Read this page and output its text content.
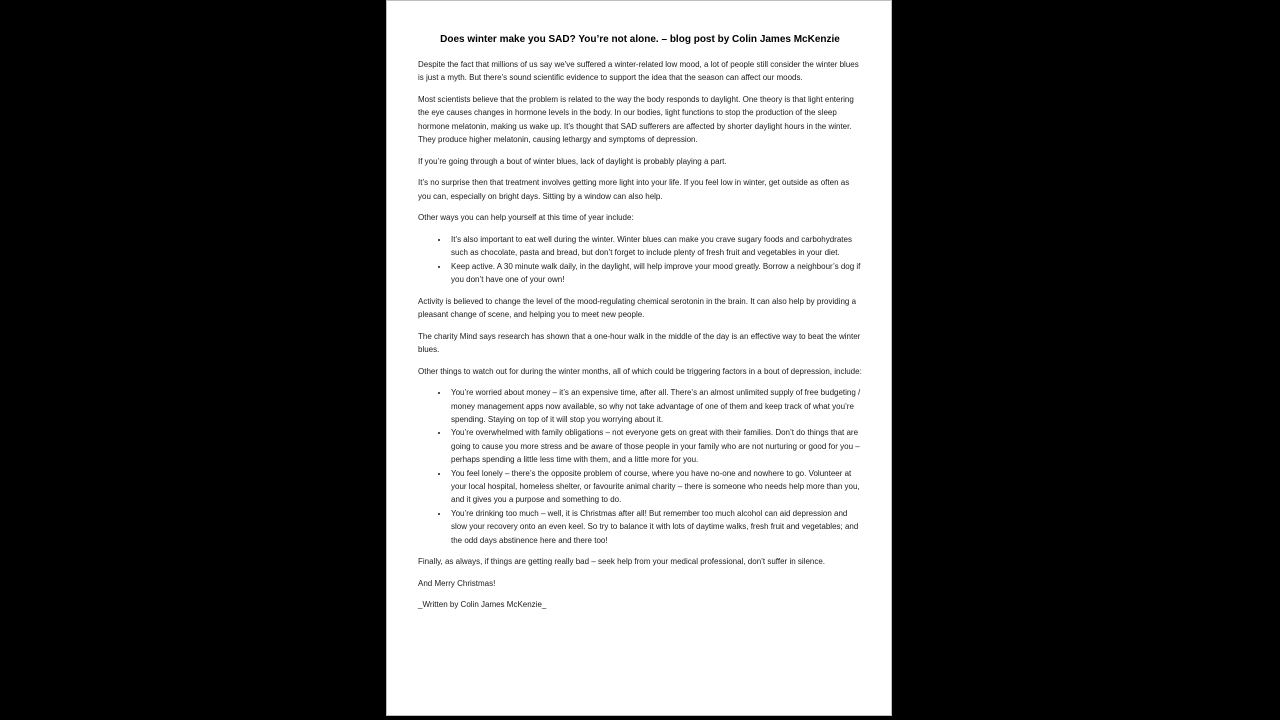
Does winter make you SAD? You’re not alone. – blog post by Colin James McKenzie

Despite the fact that millions of us say we've suffered a winter-related low mood, a lot of people still consider the winter blues is just a myth. But there's sound scientific evidence to support the idea that the season can affect our moods.

Most scientists believe that the problem is related to the way the body responds to daylight. One theory is that light entering the eye causes changes in hormone levels in the body. In our bodies, light functions to stop the production of the sleep hormone melatonin, making us wake up. It’s thought that SAD sufferers are affected by shorter daylight hours in the winter. They produce higher melatonin, causing lethargy and symptoms of depression.

If you’re going through a bout of winter blues, lack of daylight is probably playing a part.

It’s no surprise then that treatment involves getting more light into your life. If you feel low in winter, get outside as often as you can, especially on bright days. Sitting by a window can also help.

Other ways you can help yourself at this time of year include:

• It’s also important to eat well during the winter. Winter blues can make you crave sugary foods and carbohydrates such as chocolate, pasta and bread, but don’t forget to include plenty of fresh fruit and vegetables in your diet.
• Keep active. A 30 minute walk daily, in the daylight, will help improve your mood greatly. Borrow a neighbour’s dog if you don’t have one of your own!

Activity is believed to change the level of the mood-regulating chemical serotonin in the brain. It can also help by providing a pleasant change of scene, and helping you to meet new people.

The charity Mind says research has shown that a one-hour walk in the middle of the day is an effective way to beat the winter blues.

Other things to watch out for during the winter months, all of which could be triggering factors in a bout of depression, include:

• You’re worried about money – it’s an expensive time, after all. There’s an almost unlimited supply of free budgeting / money management apps now available, so why not take advantage of one of them and keep track of what you’re spending. Staying on top of it will stop you worrying about it.
• You’re overwhelmed with family obligations – not everyone gets on great with their families. Don’t do things that are going to cause you more stress and be aware of those people in your family who are not nurturing or good for you – perhaps spending a little less time with them, and a little more for you.
• You feel lonely – there’s the opposite problem of course, where you have no-one and nowhere to go. Volunteer at your local hospital, homeless shelter, or favourite animal charity – there is someone who needs help more than you, and it gives you a purpose and something to do.
• You’re drinking too much – well, it is Christmas after all! But remember too much alcohol can aid depression and slow your recovery onto an even keel. So try to balance it with lots of daytime walks, fresh fruit and vegetables; and the odd days abstinence here and there too!

Finally, as always, if things are getting really bad – seek help from your medical professional, don’t suffer in silence.

And Merry Christmas!

_Written by Colin James McKenzie_
